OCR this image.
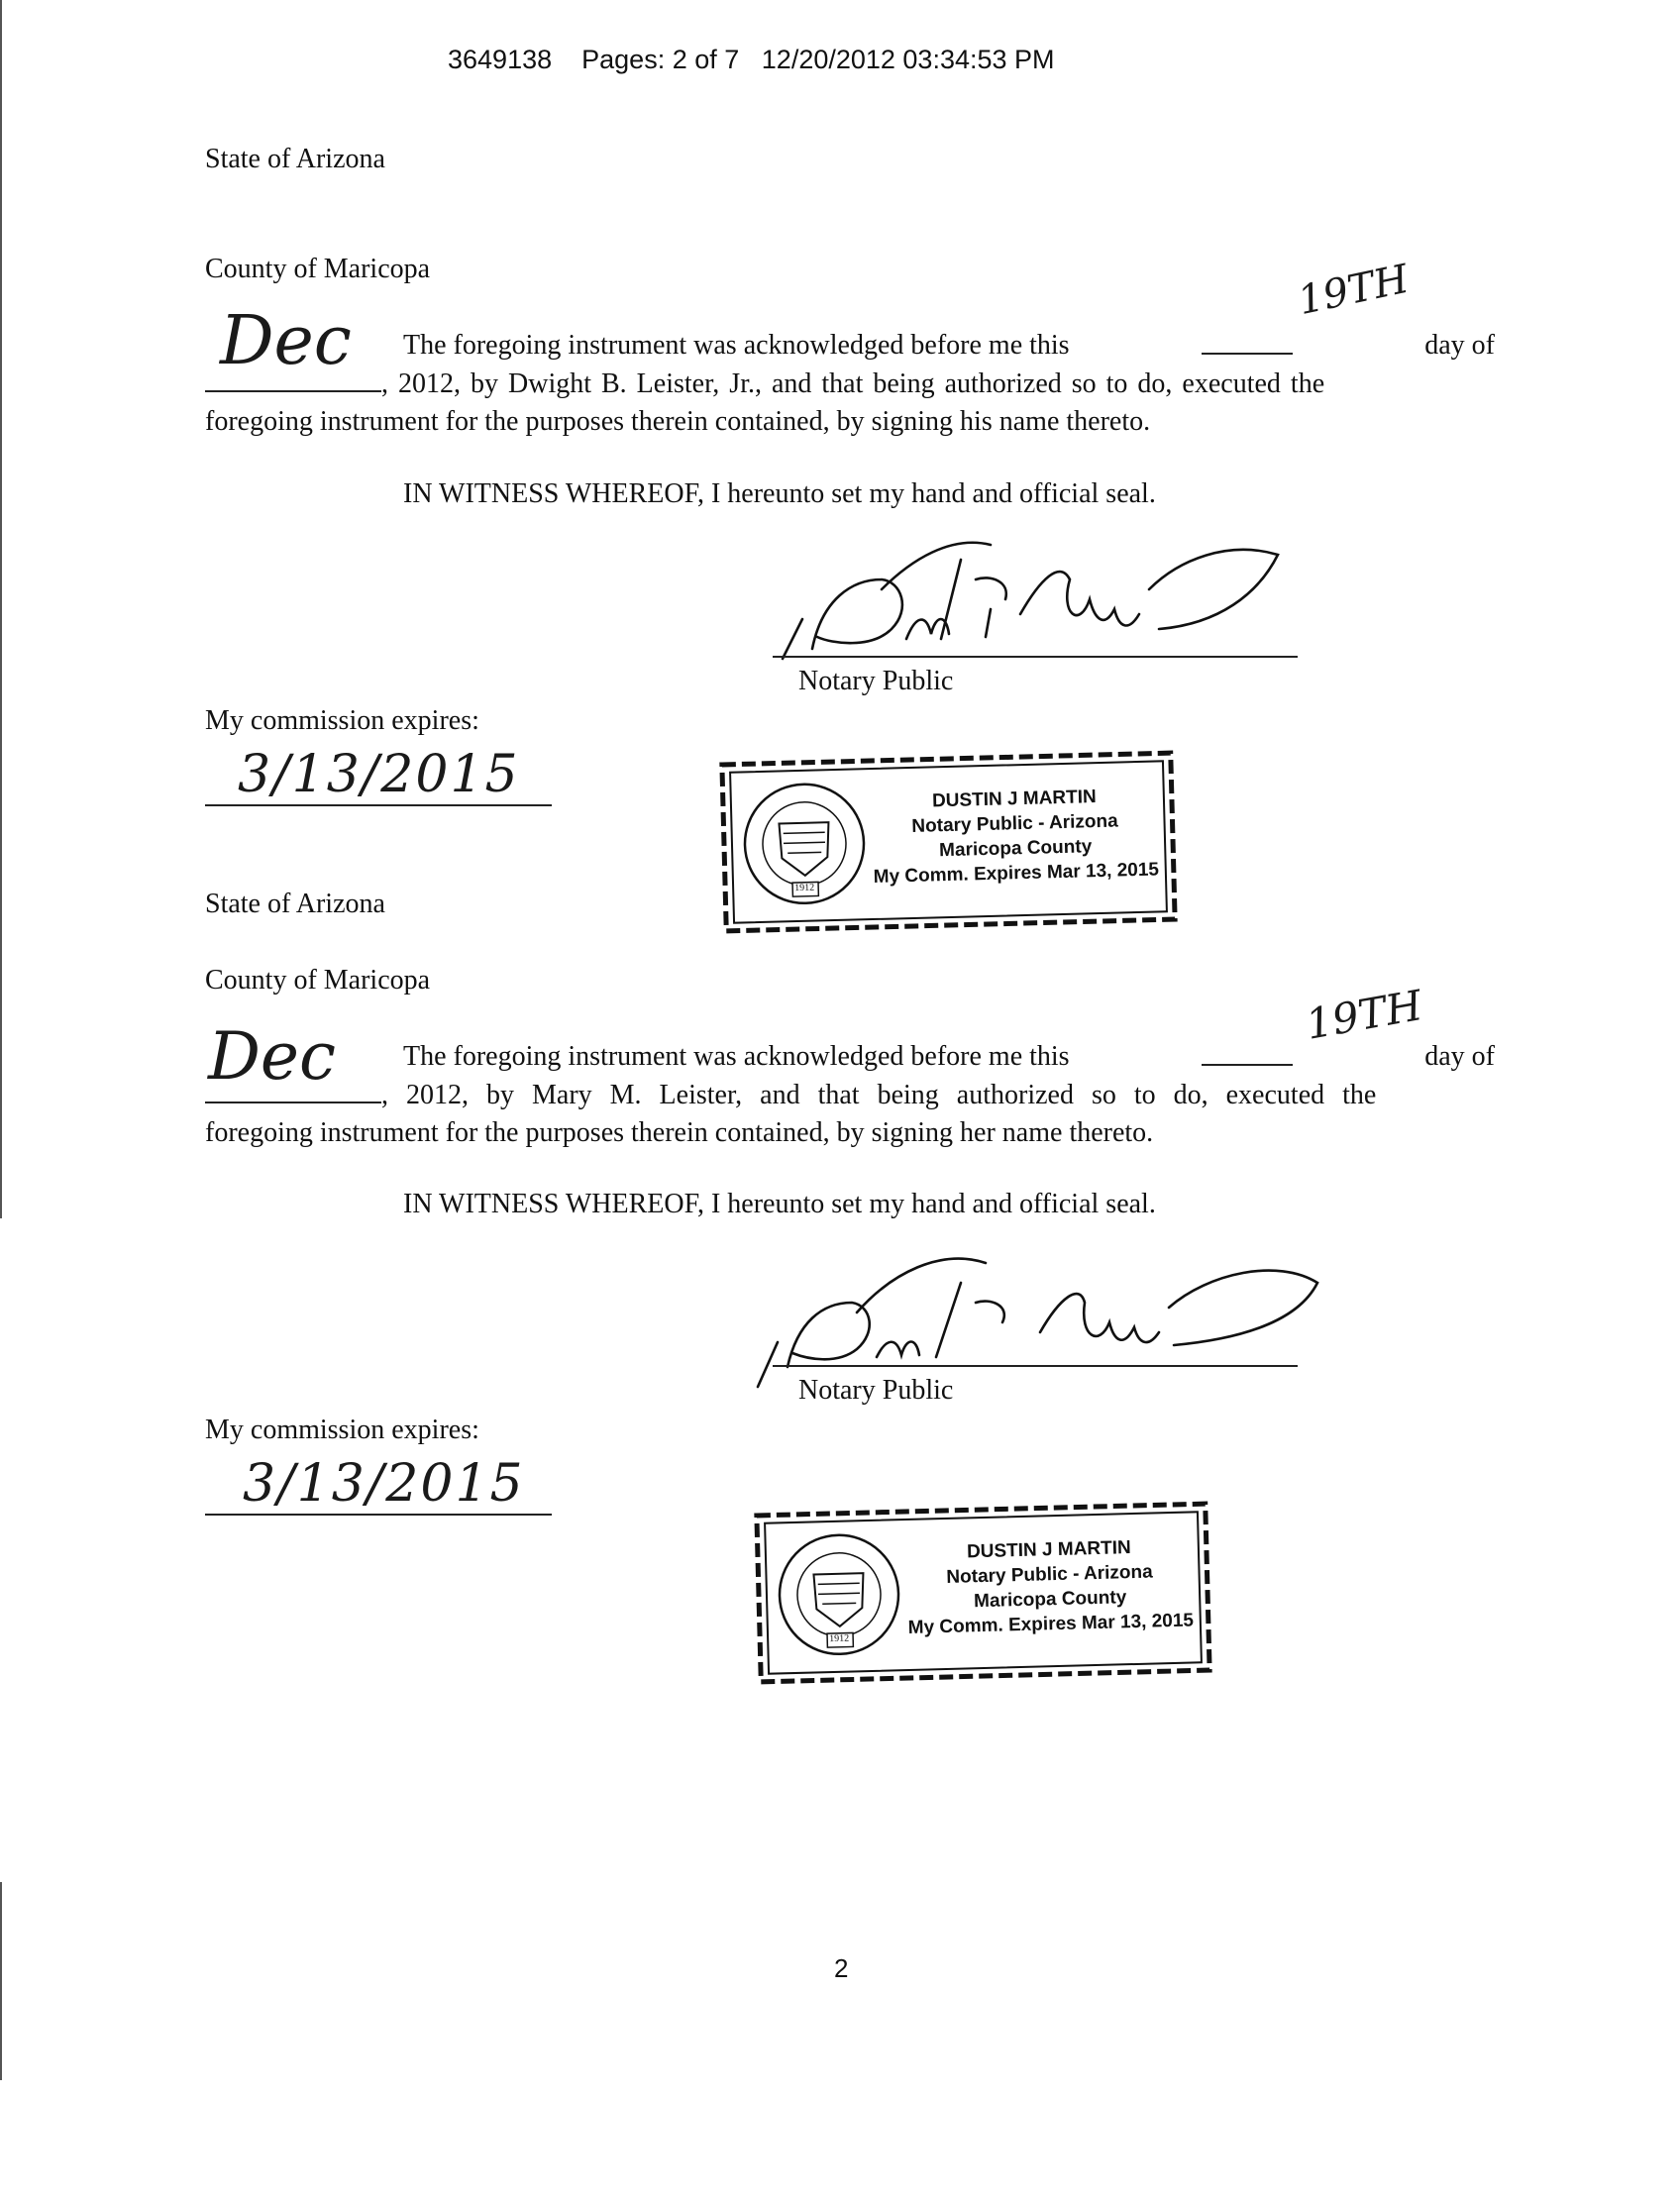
3649138 Pages: 2 of 7 12/20/2012 03:34:53 PM
State of Arizona
County of Maricopa	19TH
Dec The foregoing instrument was acknowledged before me this	day of
, 2012, by Dwight B. Leister, Jr., and that being authorized so to do, executed the
foregoing instrument for the purposes therein contained, by signing his name thereto.
IN WITNESS WHEREOF, I hereunto set my hand and official seal.
Notary Public
My commission expires:
3/13/2015
1912
DUSTIN J MARTIN
Notary Public - Arizona
Maricopa County
My Comm. Expires Mar 13, 2015
State of Arizona
County of Maricopa
19TH
Dec The foregoing instrument was acknowledged before me this	day of
, 2012, by Mary M. Leister, and that being authorized so to do, executed the
foregoing instrument for the purposes therein contained, by signing her name thereto.
IN WITNESS WHEREOF, I hereunto set my hand and official seal.
Notary Public
My commission expires:
3/13/2015
1912
DUSTIN J MARTIN
Notary Public - Arizona
Maricopa County
My Comm. Expires Mar 13, 2015
2
